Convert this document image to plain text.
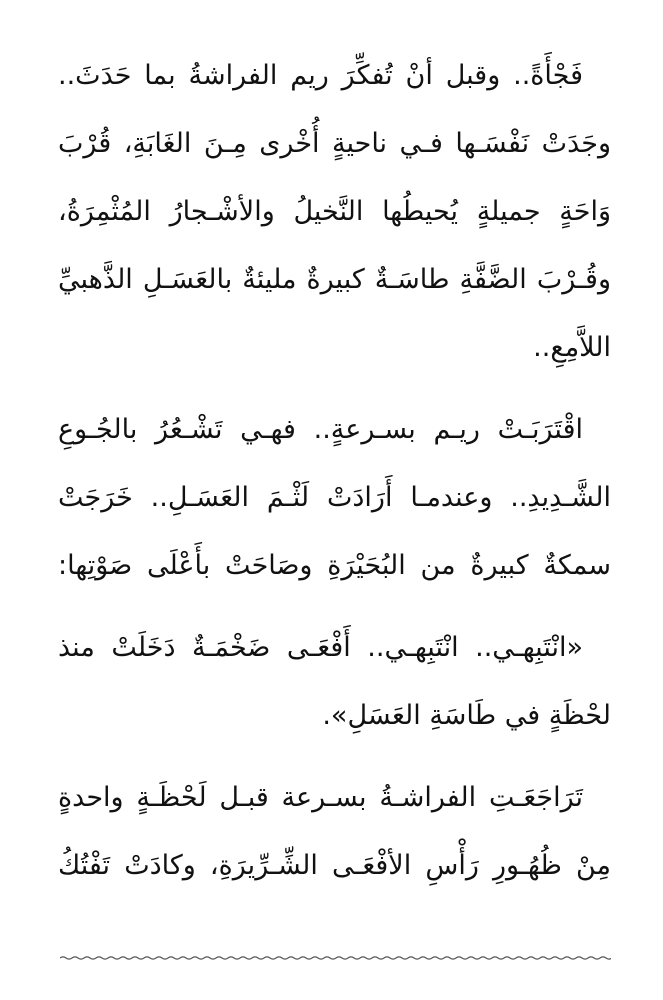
فَجْأَةً.. وقبل أنْ تُفكِّرَ ريم الفراشةُ بما حَدَثَ..
وجَدَتْ نَفْسَـها فـي ناحيةٍ أُخْرى مِـنَ الغَابَةِ، قُرْبَ
وَاحَةٍ جميلةٍ يُحيطُها النَّخيلُ والأشْـجارُ المُثْمِرَةُ،
وقُـرْبَ الضَّفَّةِ طاسَـةٌ كبيرةٌ مليئةٌ بالعَسَـلِ الذَّهبيِّ
اللاَّمِعِ..
اقْتَرَبَـتْ ريـم بسـرعةٍ.. فهـي تَشْـعُرُ بالجُـوعِ
الشَّـدِيدِ.. وعندمـا أَرَادَتْ لَثْـمَ العَسَـلِ.. خَرَجَتْ
سمكةٌ كبيرةٌ من البُحَيْرَةِ وصَاحَتْ بأَعْلَى صَوْتِها:
«انْتَبِهـي.. انْتَبِهـي.. أَفْعَـى ضَخْمَـةٌ دَخَلَتْ منذ
لحْظَةٍ في طَاسَةِ العَسَلِ».
تَرَاجَعَـتِ الفراشـةُ بسـرعة قبـل لَحْظَـةٍ واحدةٍ
مِنْ ظُهُـورِ رَأْسِ الأفْعَـى الشِّـرِّيرَةِ، وكادَتْ تَفْتُكُ
